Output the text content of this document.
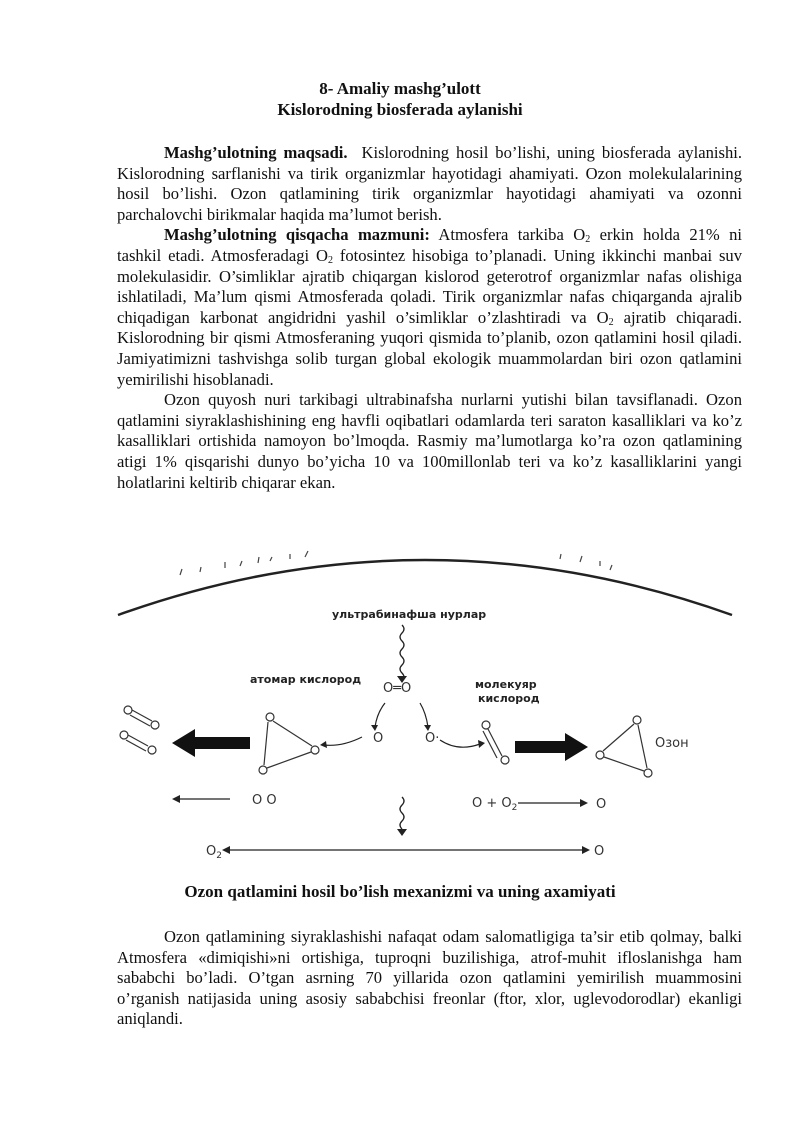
8- Amaliy mashg’ulott
Kislorodning biosferada aylanishi

Mashg’ulotning maqsadi. Kislorodning hosil bo’lishi, uning biosferada aylanishi. Kislorodning sarflanishi va tirik organizmlar hayotidagi ahamiyati. Ozon molekulalarining hosil bo’lishi. Ozon qatlamining tirik organizmlar hayotidagi ahamiyati va ozonni parchalovchi birikmalar haqida ma’lumot berish.

Mashg’ulotning qisqacha mazmuni: Atmosfera tarkiba $O_2$ erkin holda 21% ni tashkil etadi. Atmosferadagi $O_2$ fotosintez hisobiga to’planadi. Uning ikkinchi manbai suv molekulasidir. O’simliklar ajratib chiqargan kislorod geterotrof organizmlar nafas olishiga ishlatiladi, Ma’lum qismi Atmosferada qoladi. Tirik organizmlar nafas chiqarganda ajralib chiqadigan karbonat angidridni yashil o’simliklar o’zlashtiradi va $O_2$ ajratib chiqaradi. Kislorodning bir qismi Atmosferaning yuqori qismida to’planib, ozon qatlamini hosil qiladi. Jamiyatimizni tashvishga solib turgan global ekologik muammolardan biri ozon qatlamini yemirilishi hisoblanadi.

Ozon quyosh nuri tarkibagi ultrabinafsha nurlarni yutishi bilan tavsiflanadi. Ozon qatlamini siyraklashishining eng havfli oqibatlari odamlarda teri saraton kasalliklari va ko’z kasalliklari ortishida namoyon bo’lmoqda. Rasmiy ma’lumotlarga ko’ra ozon qatlamining atigi 1% qisqarishi dunyo bo’yicha 10 va 100millonlab teri va ko’z kasalliklarini yangi holatlarini keltirib chiqarar ekan.

ультрабинафша нурлар
O═O
атомар кислород	молекуяр
кислород
O	O·	Озон
O O	$O + O_2$	O
$O_2$	O
Ozon qatlamini hosil bo’lish mexanizmi va uning axamiyati

Ozon qatlamining siyraklashishi nafaqat odam salomatligiga ta’sir etib qolmay, balki Atmosfera «dimiqishi»ni ortishiga, tuproqni buzilishiga, atrof-muhit ifloslanishga ham sababchi bo’ladi. O’tgan asrning 70 yillarida ozon qatlamini yemirilish muammosini o’rganish natijasida uning asosiy sababchisi freonlar (ftor, xlor, uglevodorodlar) ekanligi aniqlandi.
